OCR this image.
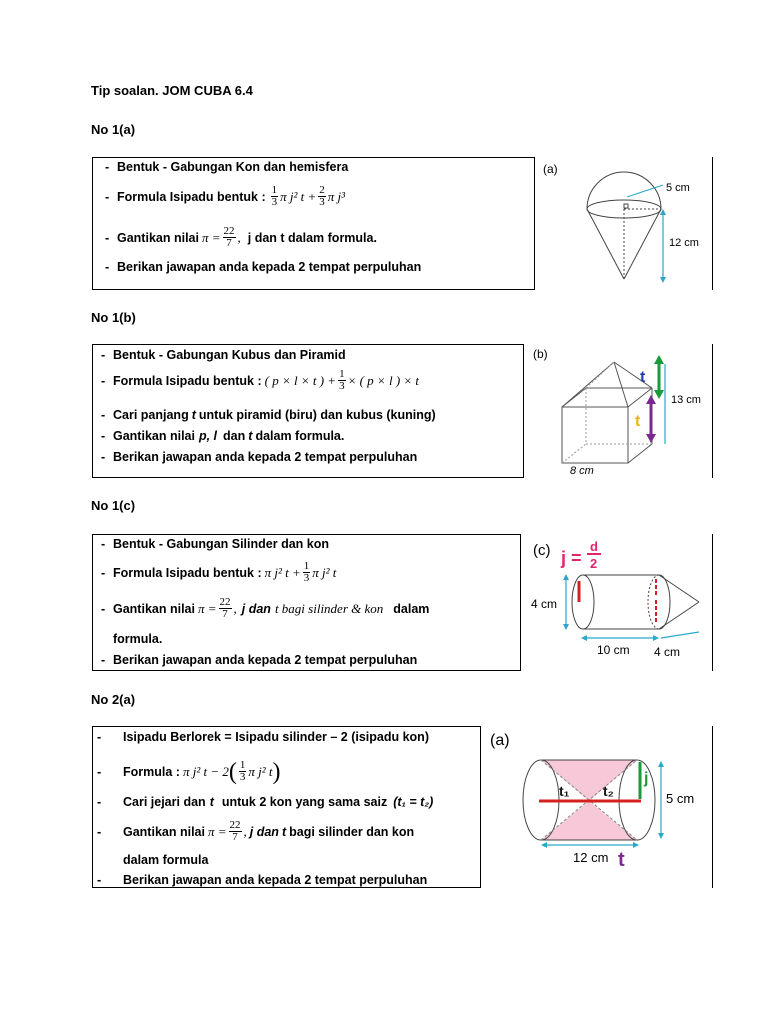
Tip soalan. JOM CUBA 6.4
No 1(a)
- Bentuk - Gabungan Kon dan hemisfera
- Formula Isipadu bentuk : $\frac{1}{3}$ π j² $t + \frac{2}{3}$ π j³
- Gantikan nilai $\pi = \frac{22}{7}$ , j dan t dalam formula.
- Berikan jawapan anda kepada 2 tempat perpuluhan
(a)
5 cm
12 cm
No 1(b)
- Bentuk - Gabungan Kubus dan Piramid
- Formula Isipadu bentuk : ( p × l × t ) + $\frac{1}{3}$ × ( p × l ) × t
- Cari panjang t untuk piramid (biru) dan kubus (kuning)
- Gantikan nilai p, l dan t dalam formula.
- Berikan jawapan anda kepada 2 tempat perpuluhan
(b)
t
t
13 cm
8 cm
No 1(c)
- Bentuk - Gabungan Silinder dan kon
- Formula Isipadu bentuk : π j² $t + \frac{1}{3}$ π j² t
- Gantikan nilai $\pi = \frac{22}{7}$ , j dan t bagi silinder & kon dalam
formula.
- Berikan jawapan anda kepada 2 tempat perpuluhan
(c) j =
d
2
4 cm
10 cm 4 cm
No 2(a)
-	Isipadu Berlorek = Isipadu silinder – 2 (isipadu kon)
-	Formula : π j² t − 2 ( $\frac{1}{3}$ π j² t )
-	Cari jejari dan t untuk 2 kon yang sama saiz (t₁ = t₂)
-	Gantikan nilai $\pi = \frac{22}{7}$ , j dan t bagi silinder dan kon
dalam formula
-	Berikan jawapan anda kepada 2 tempat perpuluhan
(a)
t₁ t₂
j
5 cm
12 cm t
